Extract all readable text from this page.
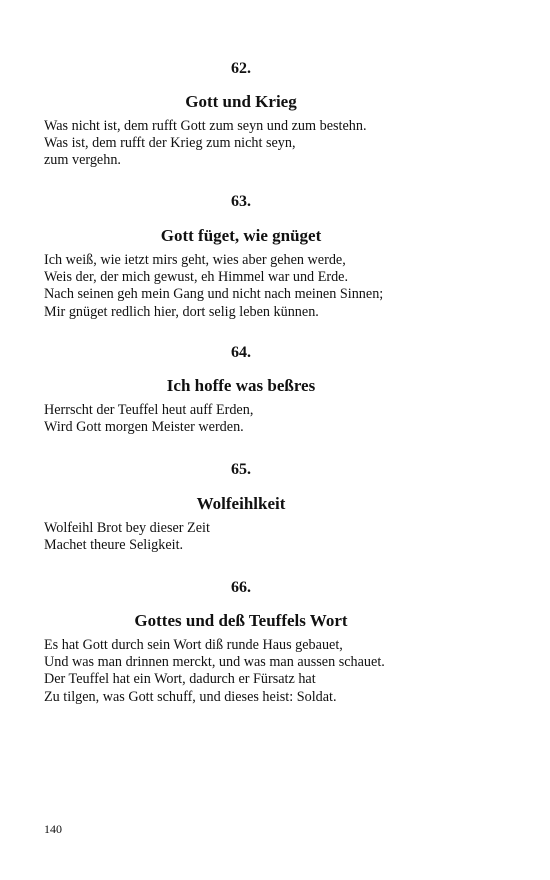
62.
Gott und Krieg
Was nicht ist, dem rufft Gott zum seyn und zum bestehn.
Was ist, dem rufft der Krieg zum nicht seyn,
zum vergehn.
63.
Gott füget, wie gnüget
Ich weiß, wie ietzt mirs geht, wies aber gehen werde,
Weis der, der mich gewust, eh Himmel war und Erde.
Nach seinen geh mein Gang und nicht nach meinen Sinnen;
Mir gnüget redlich hier, dort selig leben künnen.
64.
Ich hoffe was beßres
Herrscht der Teuffel heut auff Erden,
Wird Gott morgen Meister werden.
65.
Wolfeihlkeit
Wolfeihl Brot bey dieser Zeit
Machet theure Seligkeit.
66.
Gottes und deß Teuffels Wort
Es hat Gott durch sein Wort diß runde Haus gebauet,
Und was man drinnen merckt, und was man aussen schauet.
Der Teuffel hat ein Wort, dadurch er Fürsatz hat
Zu tilgen, was Gott schuff, und dieses heist: Soldat.
140
